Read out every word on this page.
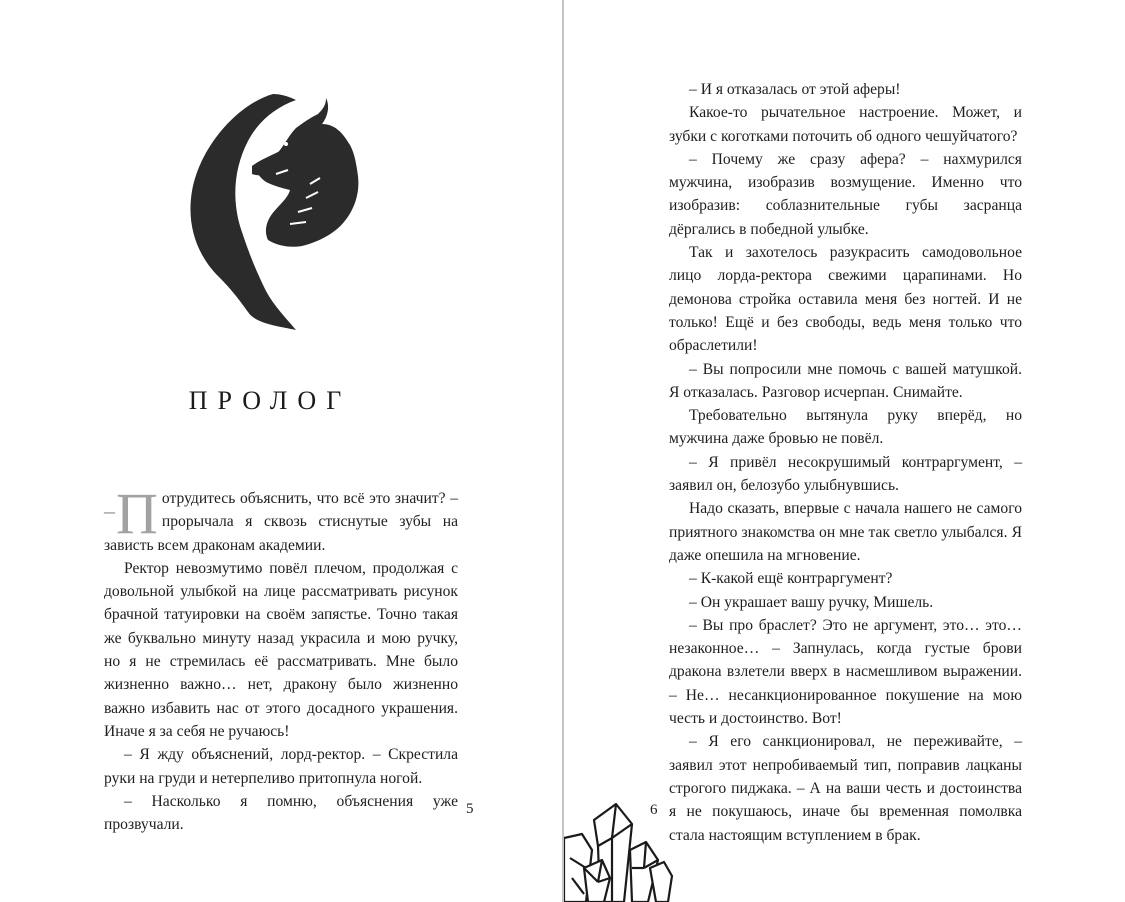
ПРОЛОГ

– П отрудитесь объяснить, что всё это значит? – прорычала я сквозь стиснутые зубы на зависть всем драконам академии.

Ректор невозмутимо повёл плечом, продолжая с довольной улыбкой на лице рассматривать рисунок брачной татуировки на своём запястье. Точно такая же буквально минуту назад украсила и мою ручку, но я не стремилась её рассматривать. Мне было жизненно важно… нет, дракону было жизненно важно избавить нас от этого досадного украшения. Иначе я за себя не ручаюсь!

– Я жду объяснений, лорд-ректор. – Скрестила руки на груди и нетерпеливо притопнула ногой.

– Насколько я помню, объяснения уже прозвучали.

5

– И я отказалась от этой аферы!

Какое-то рычательное настроение. Может, и зубки с коготками поточить об одного чешуйчатого?

– Почему же сразу афера? – нахмурился мужчина, изобразив возмущение. Именно что изобразив: соблазнительные губы засранца дёргались в победной улыбке.

Так и захотелось разукрасить самодовольное лицо лорда-ректора свежими царапинами. Но демонова стройка оставила меня без ногтей. И не только! Ещё и без свободы, ведь меня только что обраслетили!

– Вы попросили мне помочь с вашей матушкой. Я отказалась. Разговор исчерпан. Снимайте.

Требовательно вытянула руку вперёд, но мужчина даже бровью не повёл.

– Я привёл несокрушимый контраргумент, – заявил он, белозубо улыбнувшись.

Надо сказать, впервые с начала нашего не самого приятного знакомства он мне так светло улыбался. Я даже опешила на мгновение.

– К-какой ещё контраргумент?

– Он украшает вашу ручку, Мишель.

– Вы про браслет? Это не аргумент, это… это… незаконное… – Запнулась, когда густые брови дракона взлетели вверх в насмешливом выражении. – Не… несанкционированное покушение на мою честь и достоинство. Вот!

– Я его санкционировал, не переживайте, – заявил этот непробиваемый тип, поправив лацканы строгого пиджака. – А на ваши честь и достоинства я не покушаюсь, иначе бы временная помолвка стала настоящим вступлением в брак.

6
